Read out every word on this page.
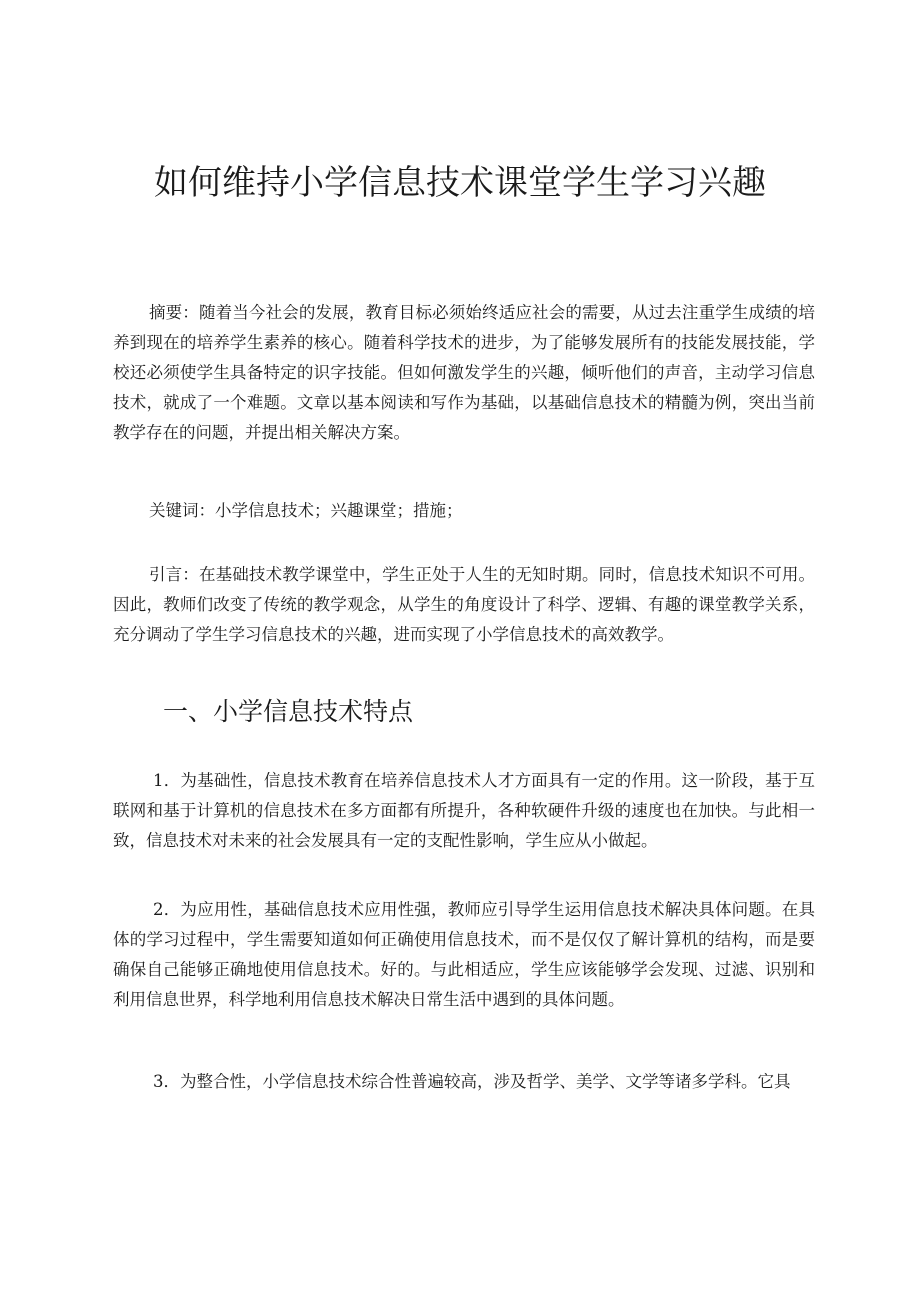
如何维持小学信息技术课堂学生学习兴趣

摘要：随着当今社会的发展，教育目标必须始终适应社会的需要，从过去注重学生成绩的培养到现在的培养学生素养的核心。随着科学技术的进步，为了能够发展所有的技能发展技能，学校还必须使学生具备特定的识字技能。但如何激发学生的兴趣，倾听他们的声音，主动学习信息技术，就成了一个难题。文章以基本阅读和写作为基础，以基础信息技术的精髓为例，突出当前教学存在的问题，并提出相关解决方案。

关键词：小学信息技术；兴趣课堂；措施；

引言：在基础技术教学课堂中，学生正处于人生的无知时期。同时，信息技术知识不可用。因此，教师们改变了传统的教学观念，从学生的角度设计了科学、逻辑、有趣的课堂教学关系，充分调动了学生学习信息技术的兴趣，进而实现了小学信息技术的高效教学。

一、小学信息技术特点

1．为基础性，信息技术教育在培养信息技术人才方面具有一定的作用。这一阶段，基于互联网和基于计算机的信息技术在多方面都有所提升，各种软硬件升级的速度也在加快。与此相一致，信息技术对未来的社会发展具有一定的支配性影响，学生应从小做起。

2．为应用性，基础信息技术应用性强，教师应引导学生运用信息技术解决具体问题。在具体的学习过程中，学生需要知道如何正确使用信息技术，而不是仅仅了解计算机的结构，而是要确保自己能够正确地使用信息技术。好的。与此相适应，学生应该能够学会发现、过滤、识别和利用信息世界，科学地利用信息技术解决日常生活中遇到的具体问题。

3．为整合性，小学信息技术综合性普遍较高，涉及哲学、美学、文学等诸多学科。它具
